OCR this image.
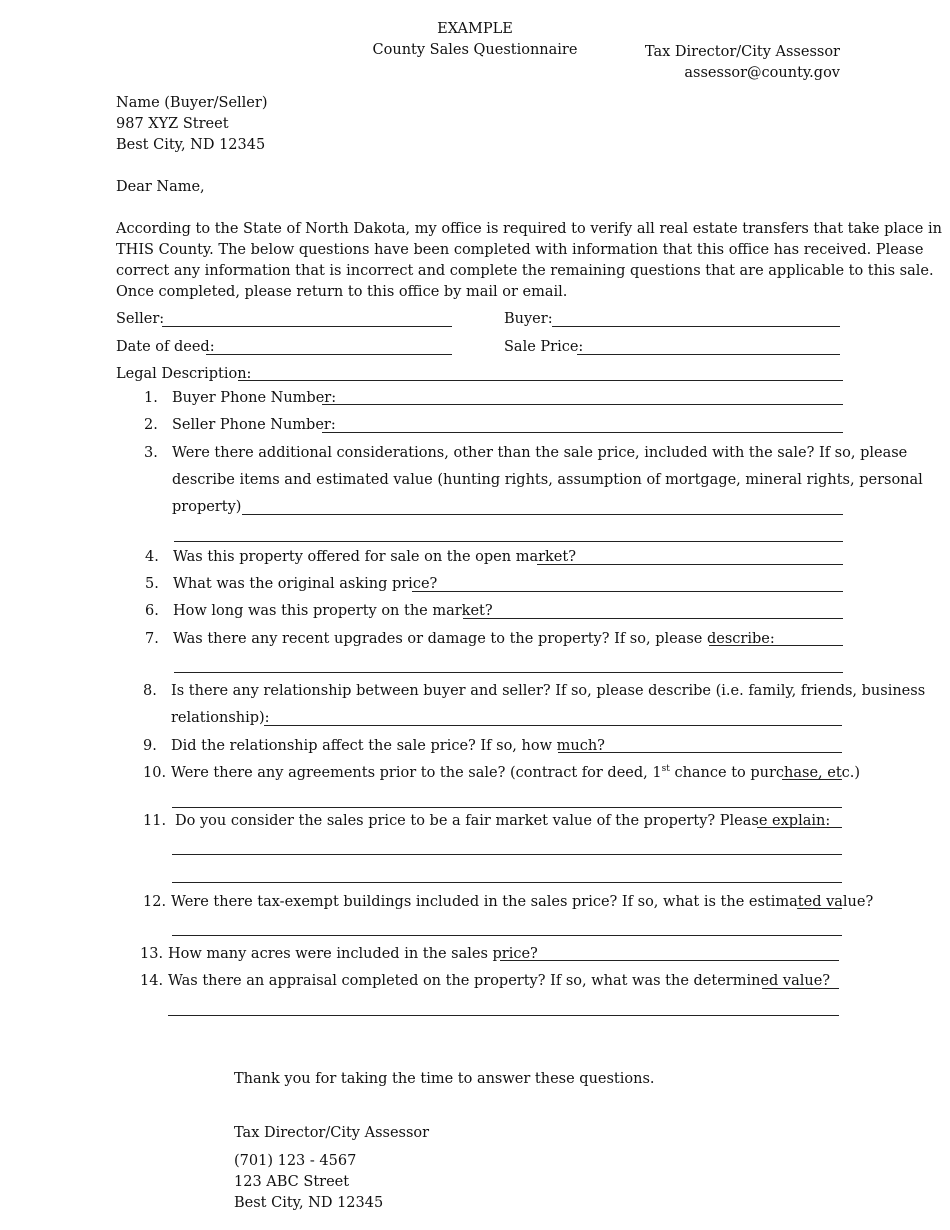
EXAMPLE
County Sales Questionnaire	Tax Director/City Assessor
assessor@county.gov
Name (Buyer/Seller)
987 XYZ Street
Best City, ND 12345
Dear Name,
According to the State of North Dakota, my office is required to verify all real estate transfers that take place in
THIS County. The below questions have been completed with information that this office has received. Please
correct any information that is incorrect and complete the remaining questions that are applicable to this sale.
Once completed, please return to this office by mail or email.
Seller:	Buyer:
Date of deed:	Sale Price:
Legal Description:
1. Buyer Phone Number:
2. Seller Phone Number:
3. Were there additional considerations, other than the sale price, included with the sale? If so, please
describe items and estimated value (hunting rights, assumption of mortgage, mineral rights, personal
property)
4. Was this property offered for sale on the open market?
5. What was the original asking price?
6. How long was this property on the market?
7. Was there any recent upgrades or damage to the property? If so, please describe:
8. Is there any relationship between buyer and seller? If so, please describe (i.e. family, friends, business
relationship):
9. Did the relationship affect the sale price? If so, how much?
10. Were there any agreements prior to the sale? (contract for deed, 1st chance to purchase, etc.)
11. Do you consider the sales price to be a fair market value of the property? Please explain:
12. Were there tax-exempt buildings included in the sales price? If so, what is the estimated value?
13. How many acres were included in the sales price?
14. Was there an appraisal completed on the property? If so, what was the determined value?
Thank you for taking the time to answer these questions.
Tax Director/City Assessor
(701) 123 - 4567
123 ABC Street
Best City, ND 12345
